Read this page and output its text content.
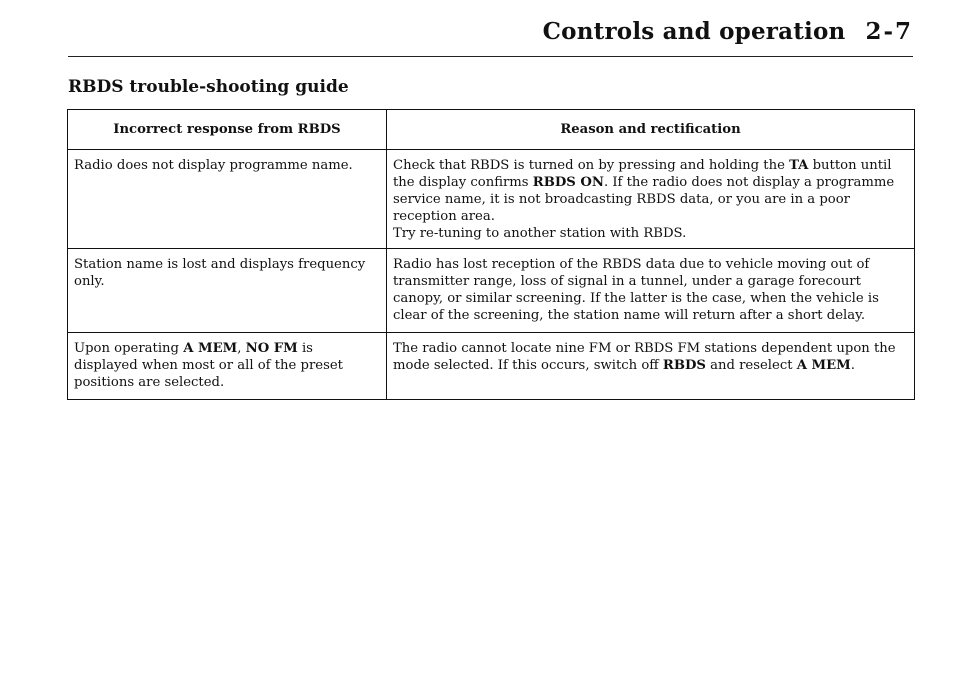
Controls and operation 2-7
RBDS trouble-shooting guide
Incorrect response from RBDS	Reason and rectification
Radio does not display programme name.	Check that RBDS is turned on by pressing and holding the TA button until the display confirms RBDS ON. If the radio does not display a programme service name, it is not broadcasting RBDS data, or you are in a poor reception area.
Try re-tuning to another station with RBDS.
Station name is lost and displays frequency only.	Radio has lost reception of the RBDS data due to vehicle moving out of transmitter range, loss of signal in a tunnel, under a garage forecourt canopy, or similar screening. If the latter is the case, when the vehicle is clear of the screening, the station name will return after a short delay.
Upon operating A MEM, NO FM is displayed when most or all of the preset positions are selected.	The radio cannot locate nine FM or RBDS FM stations dependent upon the mode selected. If this occurs, switch off RBDS and reselect A MEM.
